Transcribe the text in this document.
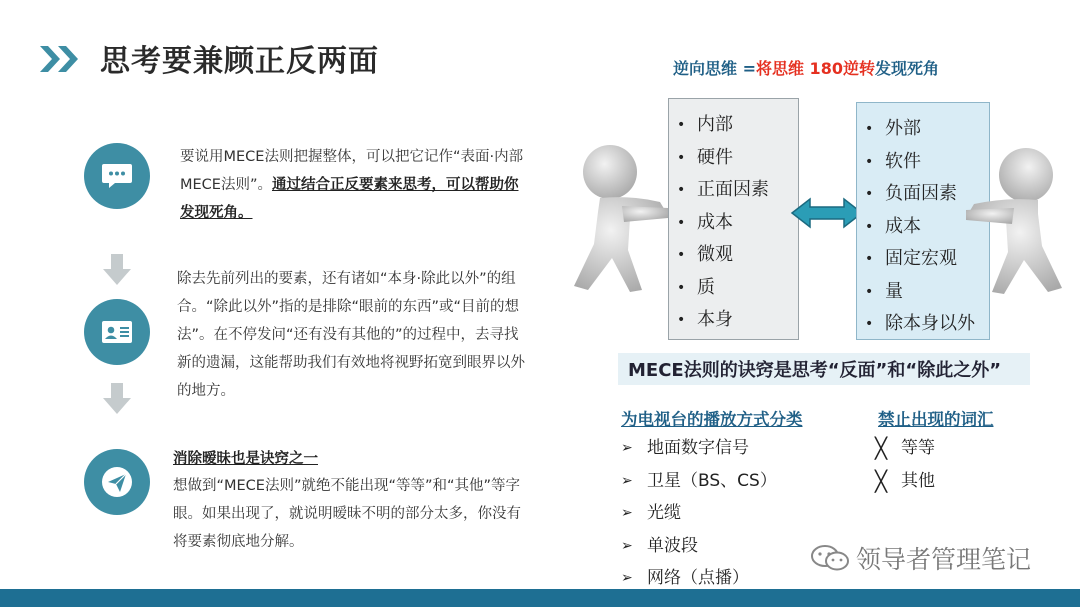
思考要兼顾正反两面
要说用MECE法则把握整体，可以把它记作“表面·内部MECE法则”。通过结合正反要素来思考，可以帮助你发现死角。
除去先前列出的要素，还有诸如“本身·除此以外”的组合。“除此以外”指的是排除“眼前的东西”或“目前的想法”。在不停发问“还有没有其他的”的过程中，去寻找新的遗漏，这能帮助我们有效地将视野拓宽到眼界以外的地方。
消除暧昧也是诀窍之一
想做到“MECE法则”就绝不能出现“等等”和“其他”等字眼。如果出现了，就说明暧昧不明的部分太多，你没有将要素彻底地分解。
逆向思维 =将思维 180逆转发现死角
• 内部
• 硬件
• 正面因素
• 成本
• 微观
• 质
• 本身
• 外部
• 软件
• 负面因素
• 成本
• 固定宏观
• 量
• 除本身以外
MECE法则的诀窍是思考“反面”和“除此之外”
为电视台的播放方式分类
➢ 地面数字信号
➢ 卫星（BS、CS）
➢ 光缆
➢ 单波段
➢ 网络（点播）
禁止出现的词汇
╳ 等等
╳ 其他
领导者管理笔记
